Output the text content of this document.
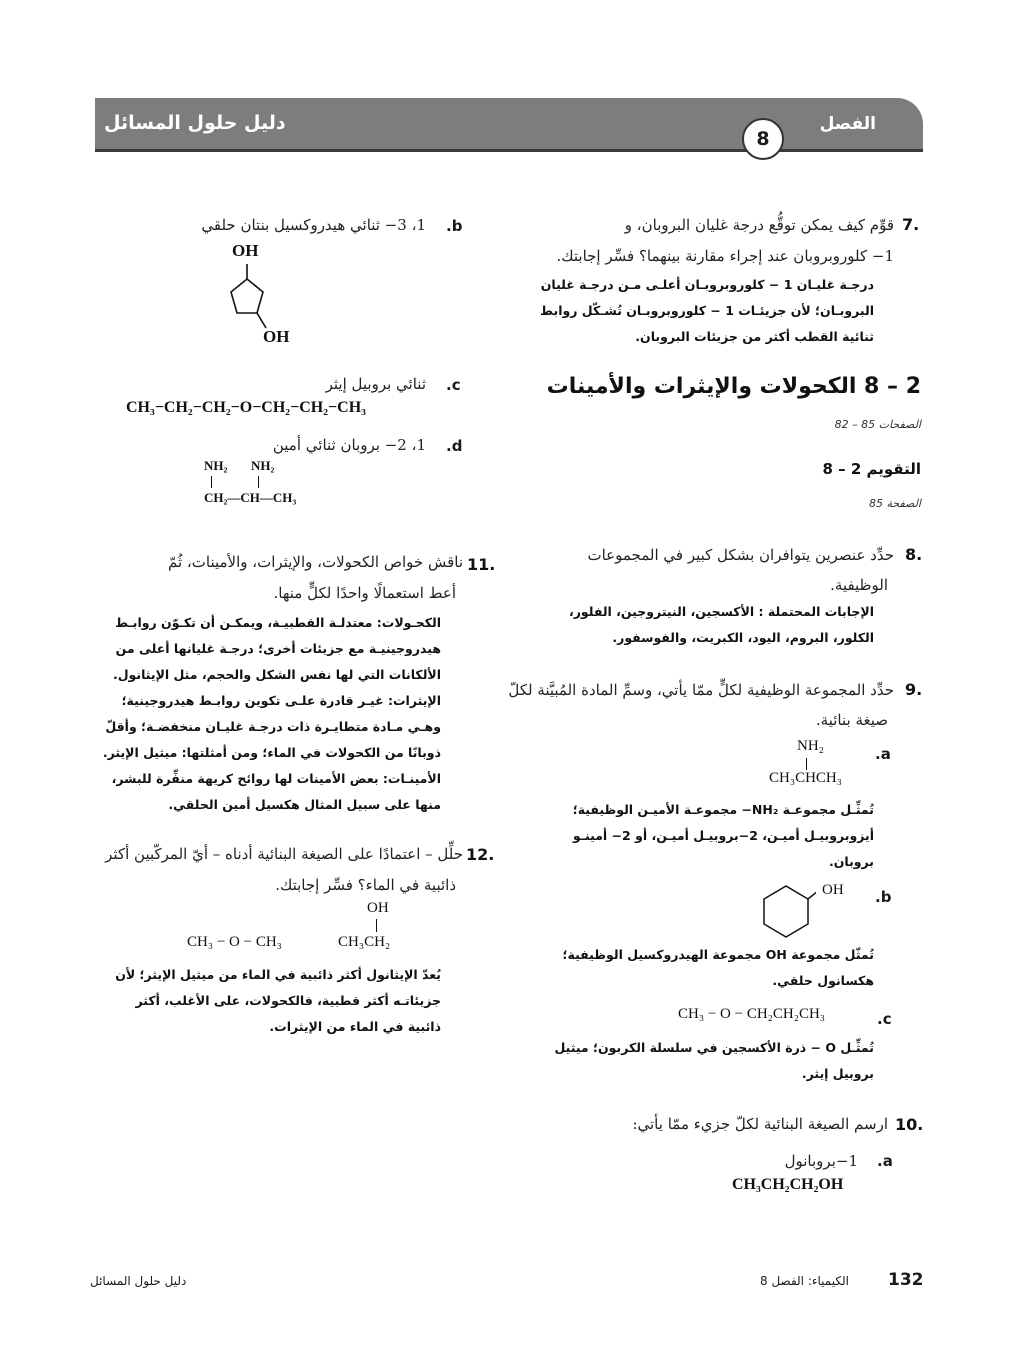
دليل حلول المسائل	الفصل
8
7.
قوِّم كيف يمكن توقُّع درجة غليان البروبان، و
1− كلوروبروبان عند إجراء مقارنة بينهما؟ فسِّر إجابتك.
درجـة غليـان 1 − كلوروبروبـان أعلـى مـن درجـة غليان
البروبـان؛ لأن جزيئـات 1 − كلوروبروبـان تُشـكّل روابط
ثنائية القطب أكثر من جزيئات البروبان.
2 – 8 الكحولات والإيثرات والأمينات
الصفحات 85 – 82
التقويم 2 – 8
الصفحة 85
8.
حدِّد عنصرين يتوافران بشكل كبير في المجموعات
الوظيفية.
الإجابات المحتملة : الأكسجين، النيتروجين، الفلور،
الكلور، البروم، اليود، الكبريت، والفوسفور.
9.
حدِّد المجموعة الوظيفية لكلٍّ ممّا يأتي، وسمِّ المادة المُبيَّنة لكلّ
صيغة بنائية.
.a
NH₂
CH₃CHCH₃
تُمثِّـل مجموعـة NH₂− مجموعـة الأميـن الوظيفية؛
أيزوبروبيـل أميـن، 2−بروبيـل أميـن، أو 2− أمينـو
بروبان.
.b
OH
تُمثّل مجموعة OH مجموعة الهيدروكسيل الوظيفية؛
هكسانول حلقي.
.c
CH₃ − O − CH₂CH₂CH₃
تُمثِّـل O − ذرة الأكسجين في سلسلة الكربون؛ ميثيل
بروبيل إيثر.
10.
ارسم الصيغة البنائية لكلّ جزيء ممّا يأتي:
.a
1−بروبانول
CH₃CH₂CH₂OH
.b
1، 3− ثنائي هيدروكسيل بنتان حلقي
OH
OH
.c
ثنائي بروبيل إيثر
CH₃−CH₂−CH₂−O−CH₂−CH₂−CH₃
.d
1، 2− بروبان ثنائي أمين
NH₂ NH₂
CH₂—CH—CH₃
11.
ناقش خواص الكحولات، والإيثرات، والأمينات، ثُمّ
أعط استعمالًا واحدًا لكلٍّ منها.
الكحـولات: معتدلـة القطبيـة، ويمكـن أن تكـوّن روابـط
هيدروجينيـة مع جزيئات أخرى؛ درجـة غليانها أعلى من
الألكانات التي لها نفس الشكل والحجم، مثل الإيثانول.
الإيثرات: غيـر قادرة علـى تكوين روابـط هيدروجينية؛
وهـي مـادة متطايـرة ذات درجـة غليـان منخفضـة؛ وأقلّ
ذوبانًا من الكحولات في الماء؛ ومن أمثلتها: ميثيل الإيثر.
الأمينـات: بعض الأمينات لها روائح كريهة منفِّرة للبشر،
منها على سبيل المثال هكسيل أمين الحلقي.
12.
حلِّل – اعتمادًا على الصيغة البنائية أدناه – أيّ المركّبين أكثر
ذائبية في الماء؟ فسِّر إجابتك.
CH₃ − O − CH₃
OH
CH₃CH₂
يُعدّ الإيثانول أكثر ذائبية في الماء من ميثيل الإيثر؛ لأن
جزيئاتـه أكثر قطبية، فالكحولات، على الأغلب، أكثر
ذائبية في الماء من الإيثرات.
دليل حلول المسائل	الكيمياء: الفصل 8 132
